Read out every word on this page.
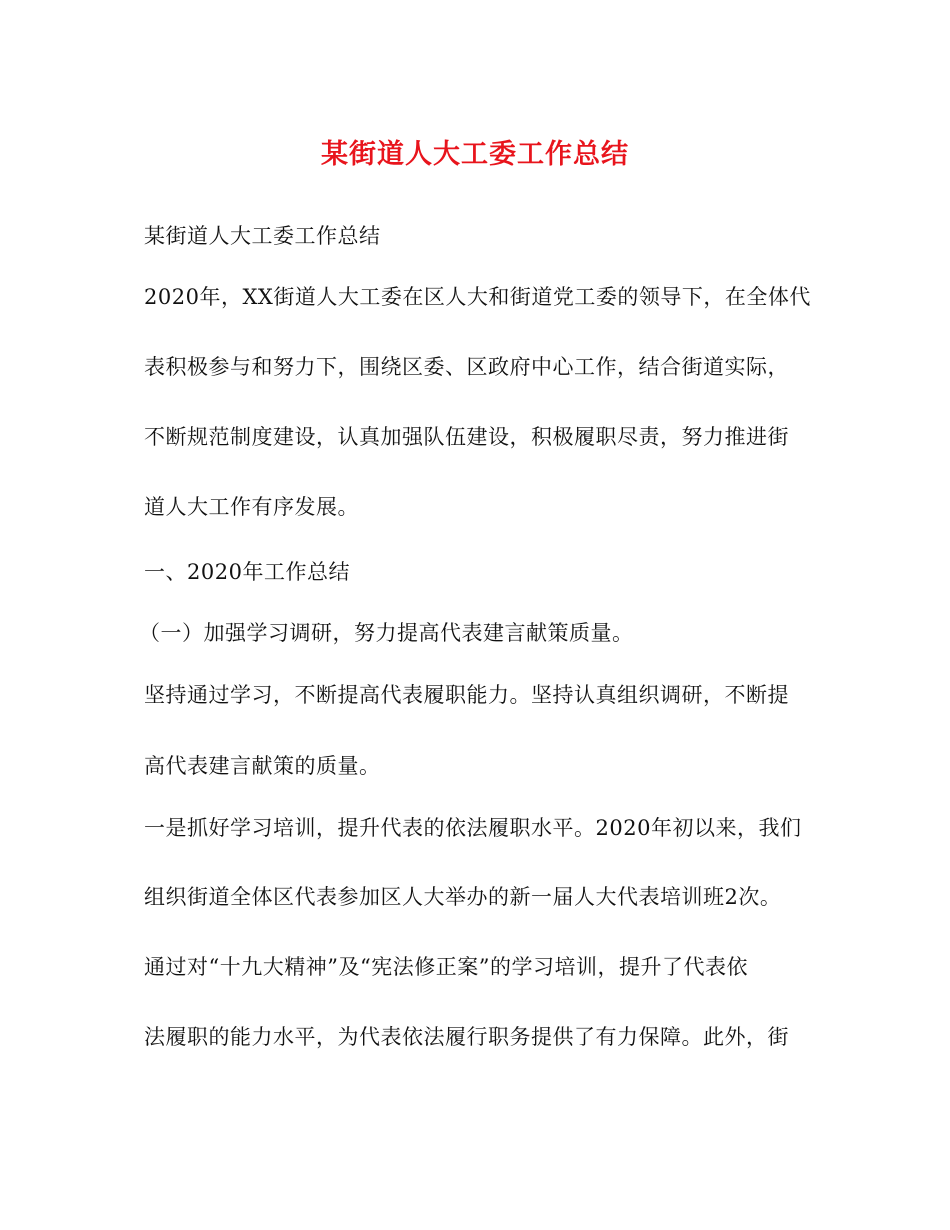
某街道人大工委工作总结
某街道人大工委工作总结
2020年，XX街道人大工委在区人大和街道党工委的领导下，在全体代
表积极参与和努力下，围绕区委、区政府中心工作，结合街道实际，
不断规范制度建设，认真加强队伍建设，积极履职尽责，努力推进街
道人大工作有序发展。
一、2020年工作总结
（一）加强学习调研，努力提高代表建言献策质量。
坚持通过学习，不断提高代表履职能力。坚持认真组织调研，不断提
高代表建言献策的质量。
一是抓好学习培训，提升代表的依法履职水平。2020年初以来，我们
组织街道全体区代表参加区人大举办的新一届人大代表培训班2次。
通过对“十九大精神”及“宪法修正案”的学习培训，提升了代表依
法履职的能力水平，为代表依法履行职务提供了有力保障。此外，街
